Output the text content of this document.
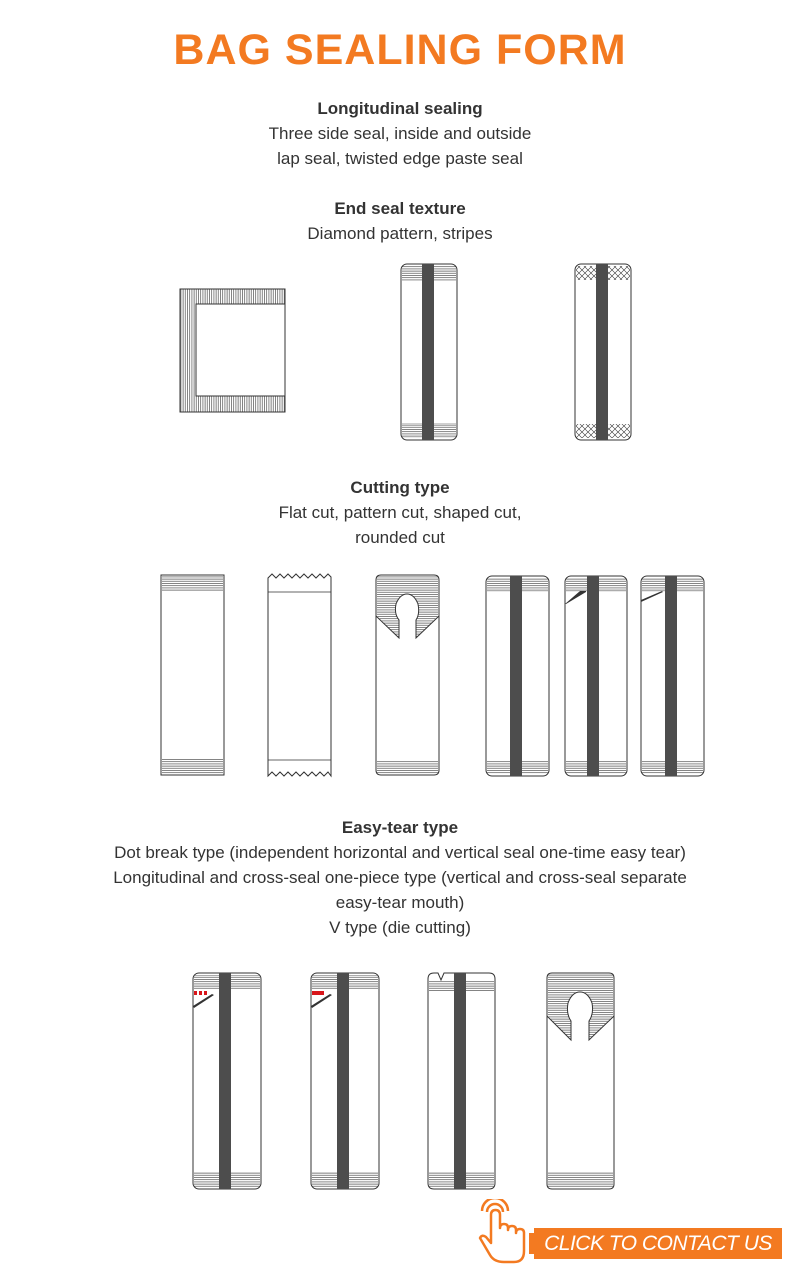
BAG SEALING FORM
Longitudinal sealing
Three side seal, inside and outside
lap seal, twisted edge paste seal
End seal texture
Diamond pattern, stripes
Cutting type
Flat cut, pattern cut, shaped cut,
rounded cut
Easy-tear type
Dot break type (independent horizontal and vertical seal one-time easy tear)
Longitudinal and cross-seal one-piece type (vertical and cross-seal separate
easy-tear mouth)
V type (die cutting)
CLICK TO CONTACT US
